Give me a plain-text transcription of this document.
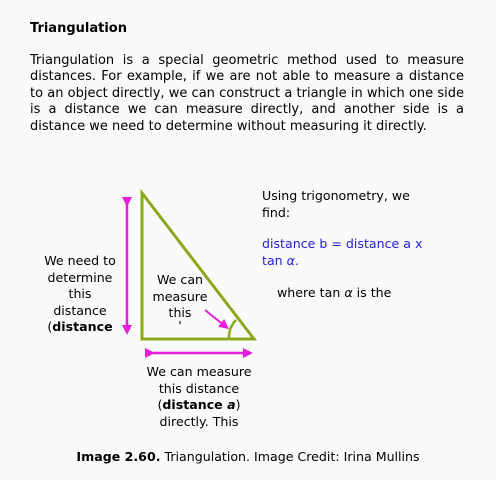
Triangulation
Triangulation is a special geometric method used to measure distances. For example, if we are not able to measure a distance to an object directly, we can construct a triangle in which one side is a distance we can measure directly, and another side is a distance we need to determine without measuring it directly.
We need to
determine
this
distance
(distance
We can
measure
this
'
We can measure
this distance
(distance a)
directly. This
Using trigonometry, we find:
distance b = distance a x tan α.
where tan α is the
Image 2.60. Triangulation. Image Credit: Irina Mullins
